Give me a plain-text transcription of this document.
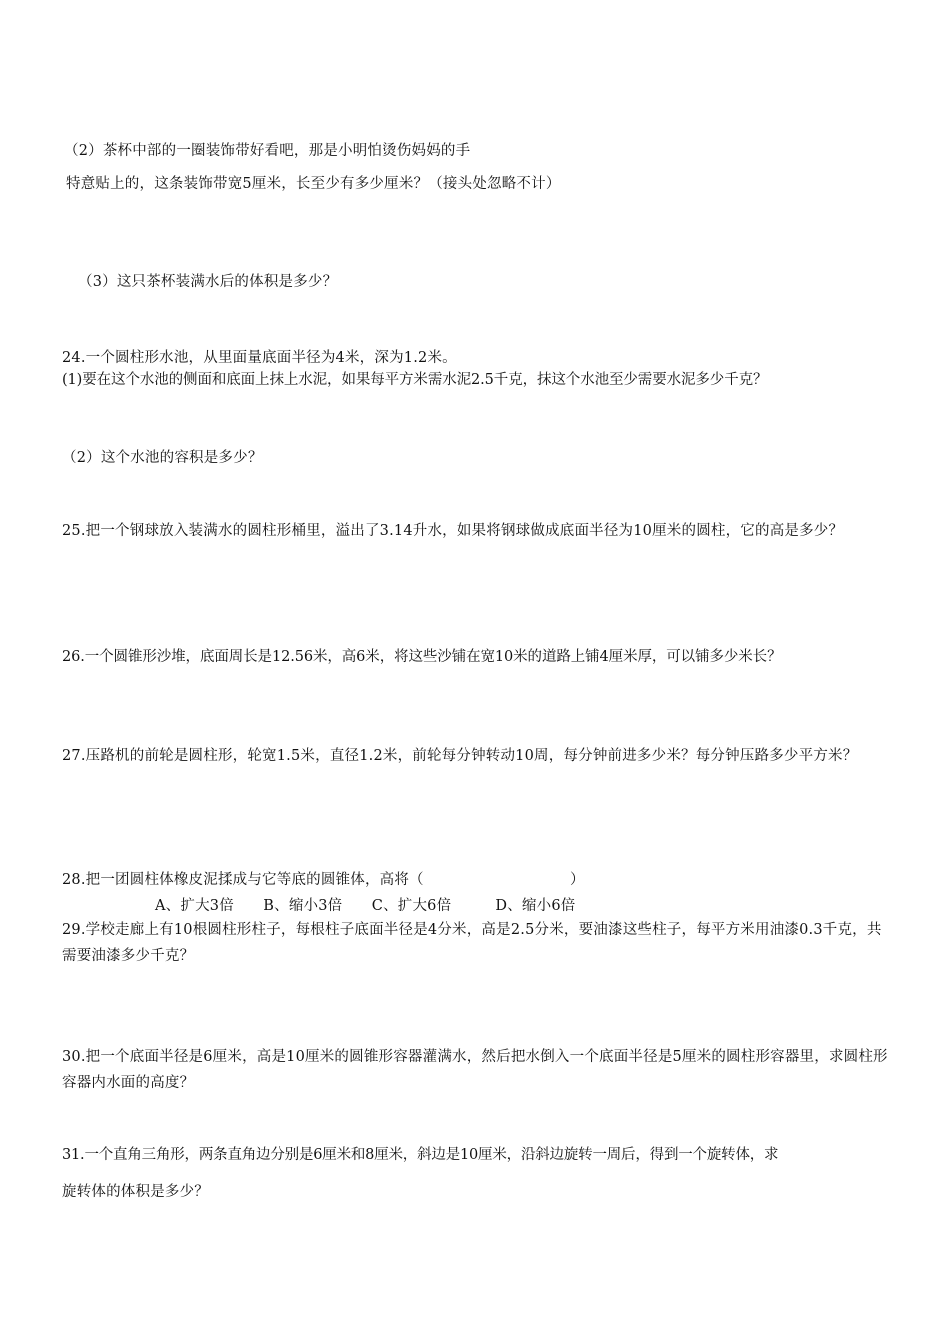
（2）茶杯中部的一圈装饰带好看吧，那是小明怕烫伤妈妈的手
特意贴上的，这条装饰带宽5厘米，长至少有多少厘米？（接头处忽略不计）
（3）这只茶杯装满水后的体积是多少？
24.一个圆柱形水池，从里面量底面半径为4米，深为1.2米。
(1)要在这个水池的侧面和底面上抹上水泥，如果每平方米需水泥2.5千克，抹这个水池至少需要水泥多少千克？
（2）这个水池的容积是多少？
25.把一个钢球放入装满水的圆柱形桶里，溢出了3.14升水，如果将钢球做成底面半径为10厘米的圆柱，它的高是多少？
26.一个圆锥形沙堆，底面周长是12.56米，高6米，将这些沙铺在宽10米的道路上铺4厘米厚，可以铺多少米长？
27.压路机的前轮是圆柱形，轮宽1.5米，直径1.2米，前轮每分钟转动10周，每分钟前进多少米？每分钟压路多少平方米？
28.把一团圆柱体橡皮泥揉成与它等底的圆锥体，高将（	）
A、扩大3倍　　B、缩小3倍　　C、扩大6倍　　　D、缩小6倍
29.学校走廊上有10根圆柱形柱子，每根柱子底面半径是4分米，高是2.5分米，要油漆这些柱子，每平方米用油漆0.3千克，共需要油漆多少千克？
30.把一个底面半径是6厘米，高是10厘米的圆锥形容器灌满水，然后把水倒入一个底面半径是5厘米的圆柱形容器里，求圆柱形容器内水面的高度？
31.一个直角三角形，两条直角边分别是6厘米和8厘米，斜边是10厘米，沿斜边旋转一周后，得到一个旋转体，求
旋转体的体积是多少？
